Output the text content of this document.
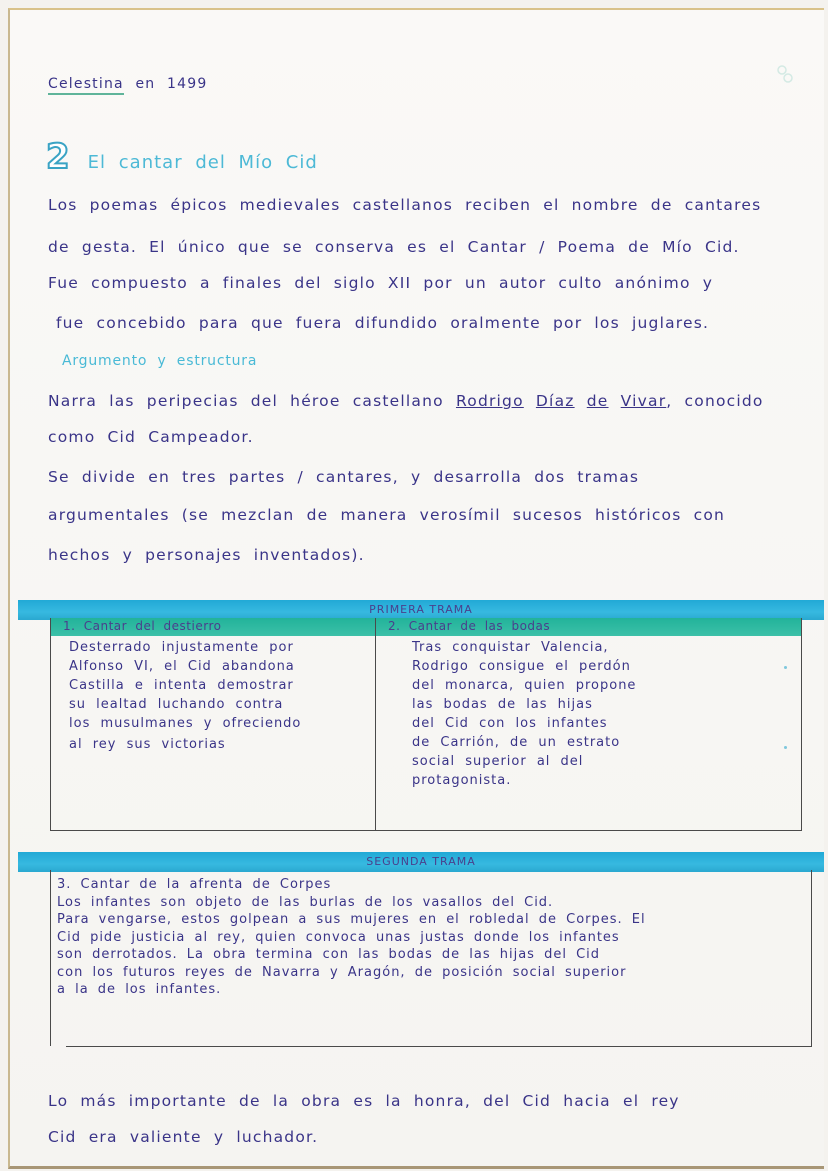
Celestina en 1499
2 El cantar del Mío Cid
Los poemas épicos medievales castellanos reciben el nombre de cantares
de gesta. El único que se conserva es el Cantar / Poema de Mío Cid.
Fue compuesto a finales del siglo XII por un autor culto anónimo y
fue concebido para que fuera difundido oralmente por los juglares.
Argumento y estructura
Narra las peripecias del héroe castellano Rodrigo Díaz de Vivar, conocido
como Cid Campeador.
Se divide en tres partes / cantares, y desarrolla dos tramas
argumentales (se mezclan de manera verosímil sucesos históricos con
hechos y personajes inventados).
PRIMERA TRAMA
1. Cantar del destierro
Desterrado injustamente por
Alfonso VI, el Cid abandona
Castilla e intenta demostrar
su lealtad luchando contra
los musulmanes y ofreciendo
al rey sus victorias
2. Cantar de las bodas
Tras conquistar Valencia,
Rodrigo consigue el perdón
del monarca, quien propone
las bodas de las hijas
del Cid con los infantes
de Carrión, de un estrato
social superior al del
protagonista.
SEGUNDA TRAMA
3. Cantar de la afrenta de Corpes
Los infantes son objeto de las burlas de los vasallos del Cid.
Para vengarse, estos golpean a sus mujeres en el robledal de Corpes. El
Cid pide justicia al rey, quien convoca unas justas donde los infantes
son derrotados. La obra termina con las bodas de las hijas del Cid
con los futuros reyes de Navarra y Aragón, de posición social superior
a la de los infantes.
Lo más importante de la obra es la honra, del Cid hacia el rey
Cid era valiente y luchador.
